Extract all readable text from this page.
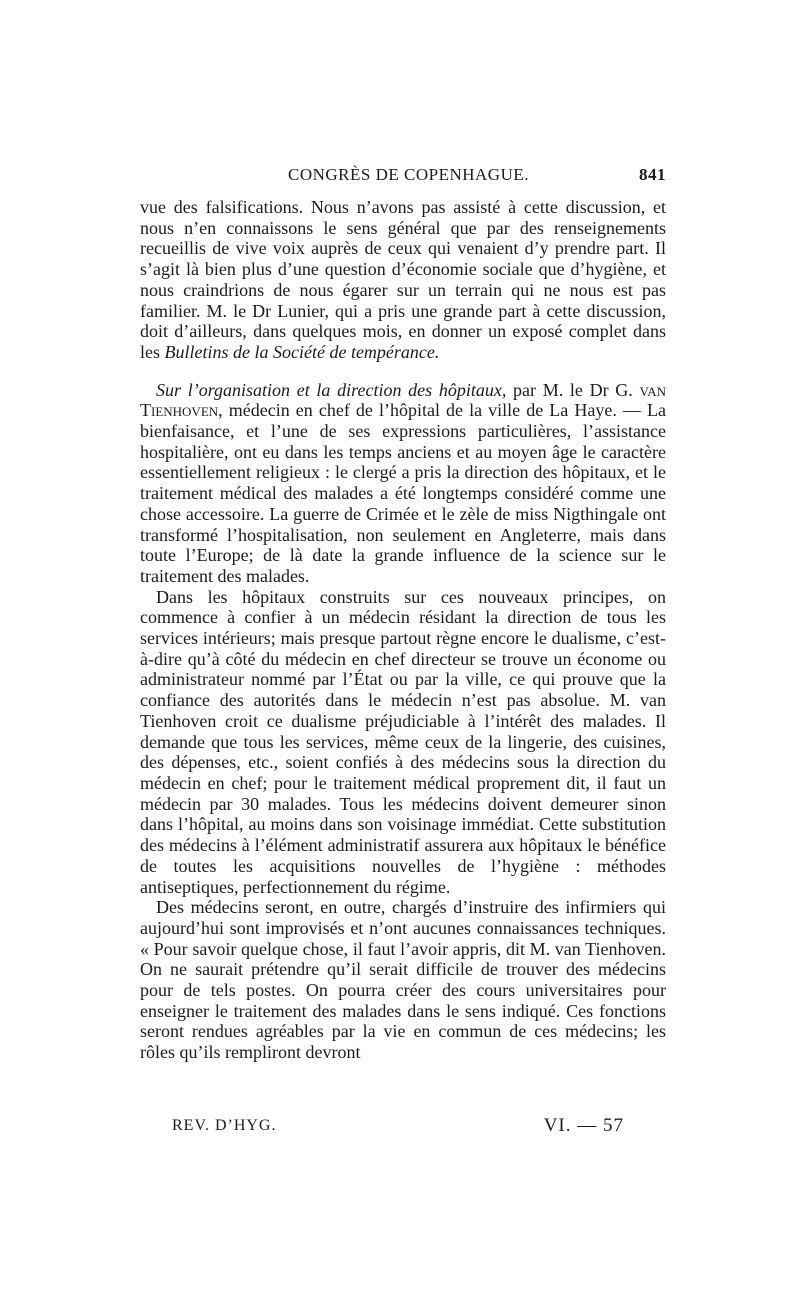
CONGRÈS DE COPENHAGUE.	841

vue des falsifications. Nous n’avons pas assisté à cette discussion, et nous n’en connaissons le sens général que par des renseignements recueillis de vive voix auprès de ceux qui venaient d’y prendre part. Il s’agit là bien plus d’une question d’économie sociale que d’hygiène, et nous craindrions de nous égarer sur un terrain qui ne nous est pas familier. M. le Dr Lunier, qui a pris une grande part à cette discussion, doit d’ailleurs, dans quelques mois, en donner un exposé complet dans les Bulletins de la Société de tempérance.

Sur l’organisation et la direction des hôpitaux, par M. le Dr G. van Tienhoven, médecin en chef de l’hôpital de la ville de La Haye. — La bienfaisance, et l’une de ses expressions particulières, l’assistance hospitalière, ont eu dans les temps anciens et au moyen âge le caractère essentiellement religieux : le clergé a pris la direction des hôpitaux, et le traitement médical des malades a été longtemps considéré comme une chose accessoire. La guerre de Crimée et le zèle de miss Nigthingale ont transformé l’hospitalisation, non seulement en Angleterre, mais dans toute l’Europe; de là date la grande influence de la science sur le traitement des malades.

Dans les hôpitaux construits sur ces nouveaux principes, on commence à confier à un médecin résidant la direction de tous les services intérieurs; mais presque partout règne encore le dualisme, c’est-à-dire qu’à côté du médecin en chef directeur se trouve un économe ou administrateur nommé par l’État ou par la ville, ce qui prouve que la confiance des autorités dans le médecin n’est pas absolue. M. van Tienhoven croit ce dualisme préjudiciable à l’intérêt des malades. Il demande que tous les services, même ceux de la lingerie, des cuisines, des dépenses, etc., soient confiés à des médecins sous la direction du médecin en chef; pour le traitement médical proprement dit, il faut un médecin par 30 malades. Tous les médecins doivent demeurer sinon dans l’hôpital, au moins dans son voisinage immédiat. Cette substitution des médecins à l’élément administratif assurera aux hôpitaux le bénéfice de toutes les acquisitions nouvelles de l’hygiène : méthodes antiseptiques, perfectionnement du régime.

Des médecins seront, en outre, chargés d’instruire des infirmiers qui aujourd’hui sont improvisés et n’ont aucunes connaissances techniques. « Pour savoir quelque chose, il faut l’avoir appris, dit M. van Tienhoven. On ne saurait prétendre qu’il serait difficile de trouver des médecins pour de tels postes. On pourra créer des cours universitaires pour enseigner le traitement des malades dans le sens indiqué. Ces fonctions seront rendues agréables par la vie en commun de ces médecins; les rôles qu’ils rempliront devront

REV. D’HYG.	VI. — 57
